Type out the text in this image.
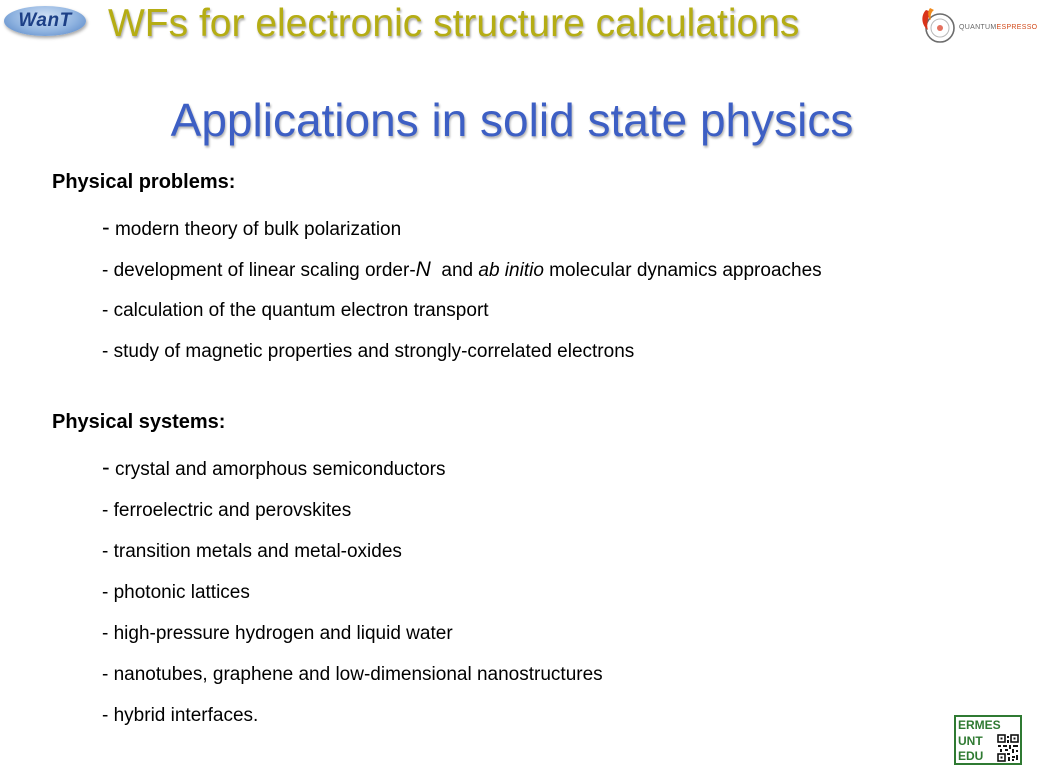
WanT WFs for electronic structure calculations	QUANTUMESPRESSO
Applications in solid state physics
Physical problems:
- modern theory of bulk polarization
- development of linear scaling order-N and ab initio molecular dynamics approaches
- calculation of the quantum electron transport
- study of magnetic properties and strongly-correlated electrons
Physical systems:
- crystal and amorphous semiconductors
- ferroelectric and perovskites
- transition metals and metal-oxides
- photonic lattices
- high-pressure hydrogen and liquid water
- nanotubes, graphene and low-dimensional nanostructures
- hybrid interfaces.	ERMES
UNT
EDU
